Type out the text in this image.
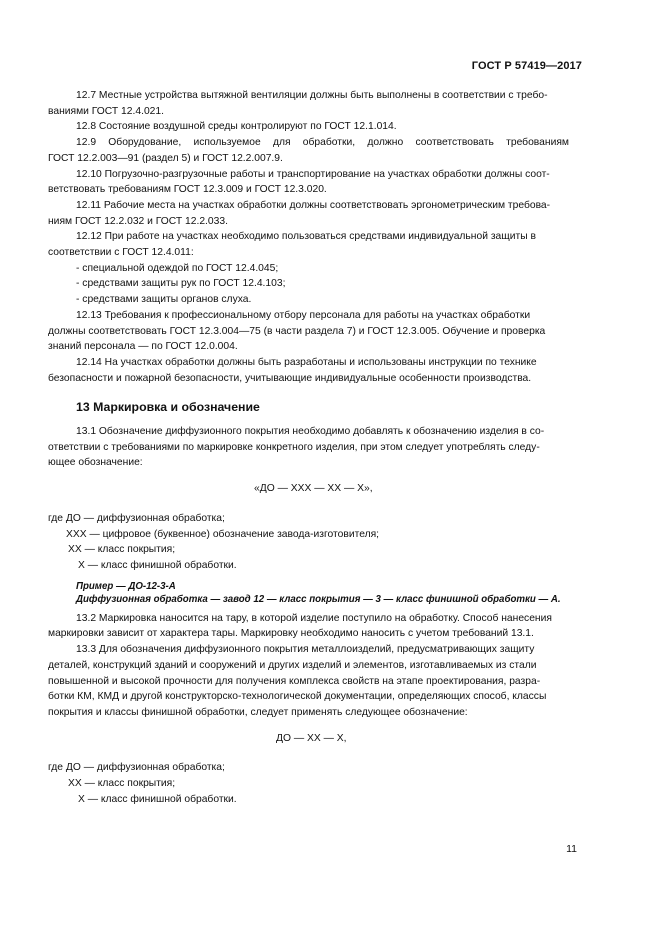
ГОСТ Р 57419—2017

12.7 Местные устройства вытяжной вентиляции должны быть выполнены в соответствии с требо-
ваниями ГОСТ 12.4.021.

12.8 Состояние воздушной среды контролируют по ГОСТ 12.1.014.

12.9 Оборудование, используемое для обработки, должно соответствовать требованиям
ГОСТ 12.2.003—91 (раздел 5) и ГОСТ 12.2.007.9.

12.10 Погрузочно-разгрузочные работы и транспортирование на участках обработки должны соот-
ветствовать требованиям ГОСТ 12.3.009 и ГОСТ 12.3.020.

12.11 Рабочие места на участках обработки должны соответствовать эргонометрическим требова-
ниям ГОСТ 12.2.032 и ГОСТ 12.2.033.

12.12 При работе на участках необходимо пользоваться средствами индивидуальной защиты в
соответствии с ГОСТ 12.4.011:

- специальной одеждой по ГОСТ 12.4.045;

- средствами защиты рук по ГОСТ 12.4.103;

- средствами защиты органов слуха.

12.13 Требования к профессиональному отбору персонала для работы на участках обработки
должны соответствовать ГОСТ 12.3.004—75 (в части раздела 7) и ГОСТ 12.3.005. Обучение и проверка
знаний персонала — по ГОСТ 12.0.004.

12.14 На участках обработки должны быть разработаны и использованы инструкции по технике
безопасности и пожарной безопасности, учитывающие индивидуальные особенности производства.

13 Маркировка и обозначение

13.1 Обозначение диффузионного покрытия необходимо добавлять к обозначению изделия в со-
ответствии с требованиями по маркировке конкретного изделия, при этом следует употреблять следу-
ющее обозначение:

«ДО — ХХХ — ХХ — Х»,

где ДО — диффузионная обработка;

ХХХ — цифровое (буквенное) обозначение завода-изготовителя;

ХХ — класс покрытия;

Х — класс финишной обработки.

Пример — ДО-12-3-А
Диффузионная обработка — завод 12 — класс покрытия — 3 — класс финишной обработки — А.

13.2 Маркировка наносится на тару, в которой изделие поступило на обработку. Способ нанесения
маркировки зависит от характера тары. Маркировку необходимо наносить с учетом требований 13.1.

13.3 Для обозначения диффузионного покрытия металлоизделий, предусматривающих защиту
деталей, конструкций зданий и сооружений и других изделий и элементов, изготавливаемых из стали
повышенной и высокой прочности для получения комплекса свойств на этапе проектирования, разра-
ботки КМ, КМД и другой конструкторско-технологической документации, определяющих способ, классы
покрытия и классы финишной обработки, следует применять следующее обозначение:

ДО — ХХ — Х,

где ДО — диффузионная обработка;

ХХ — класс покрытия;

Х — класс финишной обработки.

11
